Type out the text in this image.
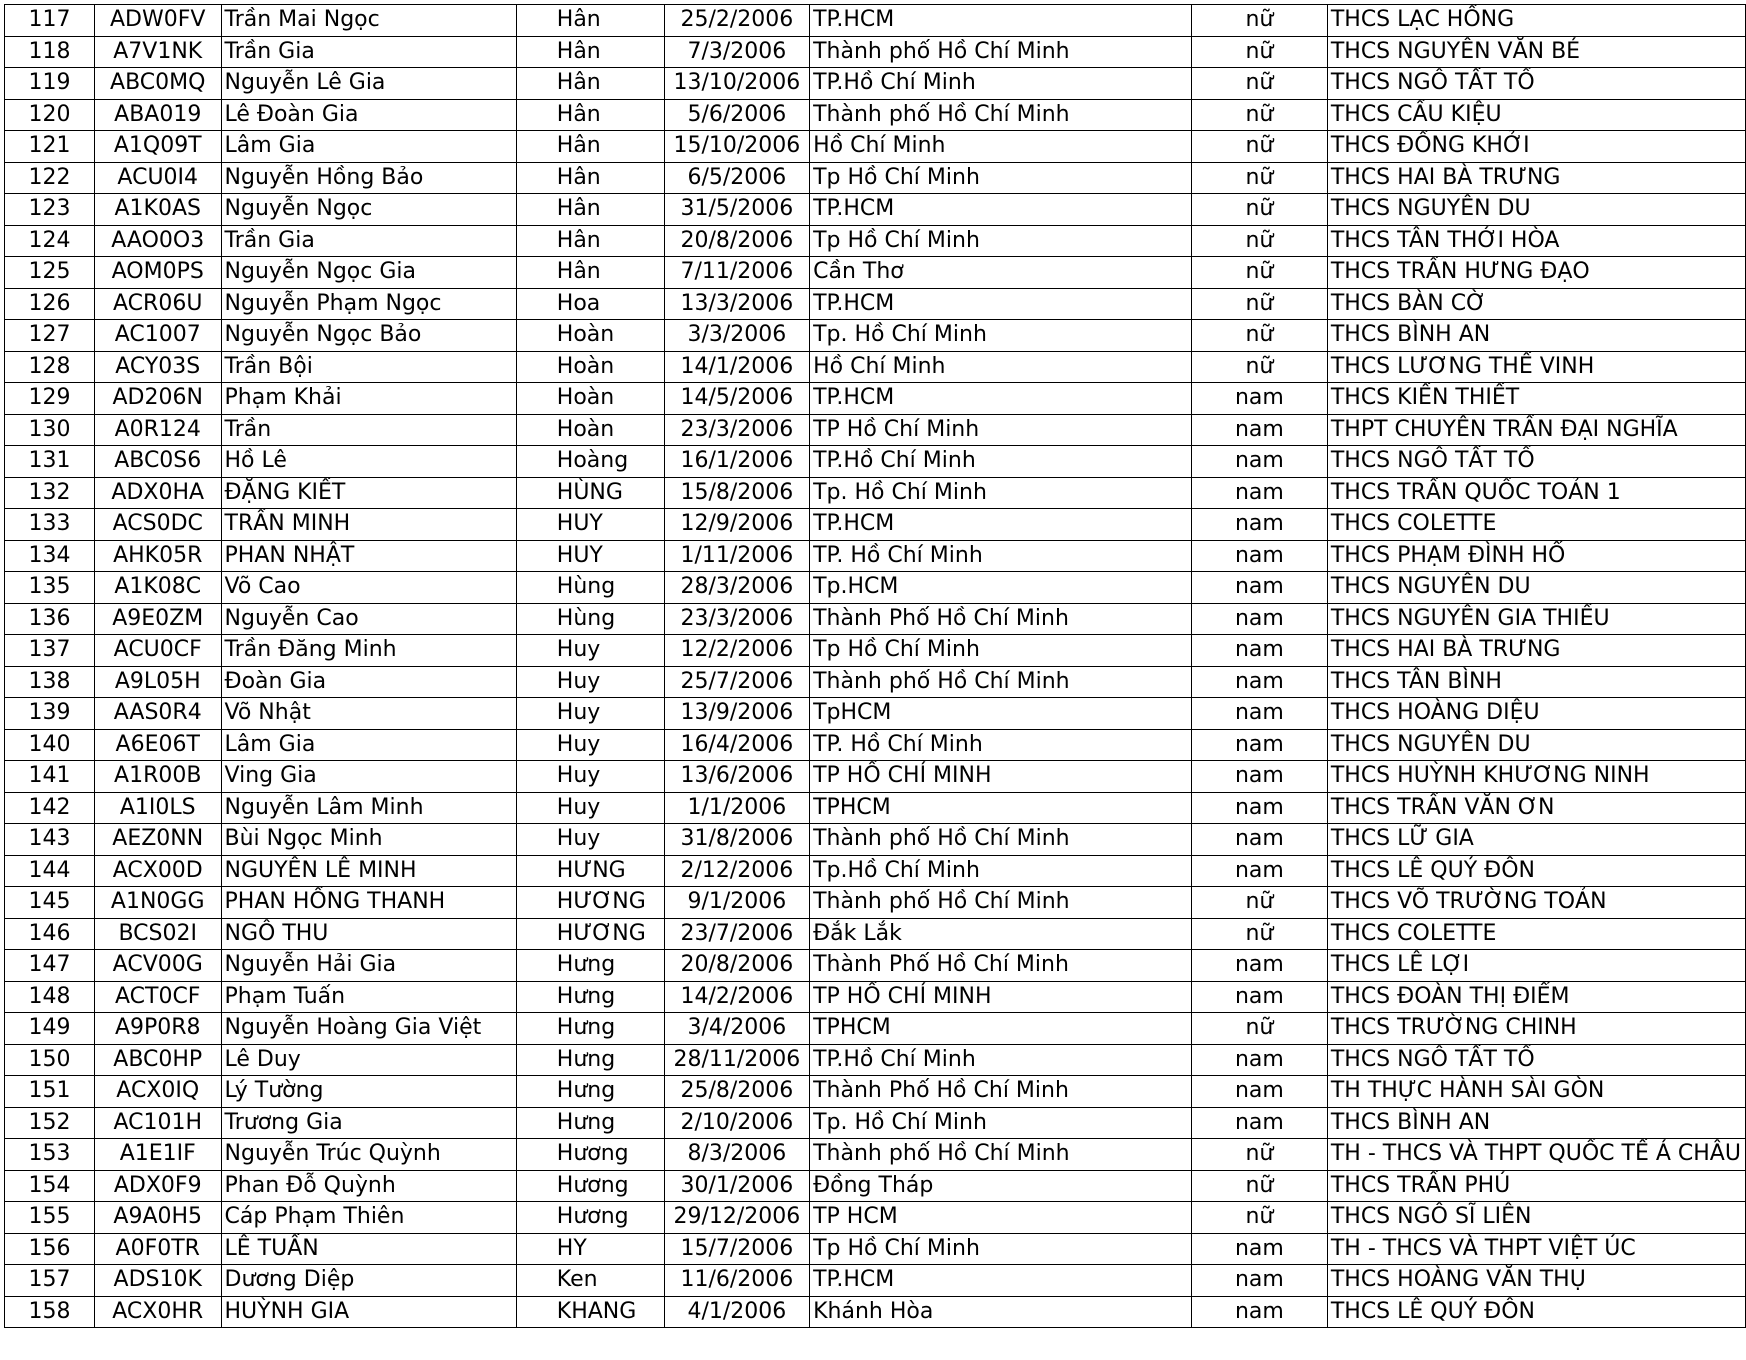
117	ADW0FV	Trần Mai Ngọc	Hân	25/2/2006	TP.HCM	nữ	THCS LẠC HỒNG
118	A7V1NK	Trần Gia	Hân	7/3/2006	Thành phố Hồ Chí Minh	nữ	THCS NGUYỄN VĂN BÉ
119	ABC0MQ	Nguyễn Lê Gia	Hân	13/10/2006	TP.Hồ Chí Minh	nữ	THCS NGÔ TẤT TỐ
120	ABA019	Lê Đoàn Gia	Hân	5/6/2006	Thành phố Hồ Chí Minh	nữ	THCS CẦU KIỆU
121	A1Q09T	Lâm Gia	Hân	15/10/2006	Hồ Chí Minh	nữ	THCS ĐỒNG KHỞI
122	ACU0I4	Nguyễn Hồng Bảo	Hân	6/5/2006	Tp Hồ Chí Minh	nữ	THCS HAI BÀ TRƯNG
123	A1K0AS	Nguyễn Ngọc	Hân	31/5/2006	TP.HCM	nữ	THCS NGUYỄN DU
124	AAO0O3	Trần Gia	Hân	20/8/2006	Tp Hồ Chí Minh	nữ	THCS TÂN THỚI HÒA
125	AOM0PS	Nguyễn Ngọc Gia	Hân	7/11/2006	Cần Thơ	nữ	THCS TRẦN HƯNG ĐẠO
126	ACR06U	Nguyễn Phạm Ngọc	Hoa	13/3/2006	TP.HCM	nữ	THCS BÀN CỜ
127	AC1007	Nguyễn Ngọc Bảo	Hoàn	3/3/2006	Tp. Hồ Chí Minh	nữ	THCS BÌNH AN
128	ACY03S	Trần Bội	Hoàn	14/1/2006	Hồ Chí Minh	nữ	THCS LƯƠNG THẾ VINH
129	AD206N	Phạm Khải	Hoàn	14/5/2006	TP.HCM	nam	THCS KIẾN THIẾT
130	A0R124	Trần	Hoàn	23/3/2006	TP Hồ Chí Minh	nam	THPT CHUYÊN TRẦN ĐẠI NGHĨA
131	ABC0S6	Hồ Lê	Hoàng	16/1/2006	TP.Hồ Chí Minh	nam	THCS NGÔ TẤT TỐ
132	ADX0HA	ĐẶNG KIẾT	HÙNG	15/8/2006	Tp. Hồ Chí Minh	nam	THCS TRẦN QUỐC TOẢN 1
133	ACS0DC	TRẦN MINH	HUY	12/9/2006	TP.HCM	nam	THCS COLETTE
134	AHK05R	PHAN NHẬT	HUY	1/11/2006	TP. Hồ Chí Minh	nam	THCS PHẠM ĐÌNH HỔ
135	A1K08C	Võ Cao	Hùng	28/3/2006	Tp.HCM	nam	THCS NGUYỄN DU
136	A9E0ZM	Nguyễn Cao	Hùng	23/3/2006	Thành Phố Hồ Chí Minh	nam	THCS NGUYỄN GIA THIỀU
137	ACU0CF	Trần Đăng Minh	Huy	12/2/2006	Tp Hồ Chí Minh	nam	THCS HAI BÀ TRƯNG
138	A9L05H	Đoàn Gia	Huy	25/7/2006	Thành phố Hồ Chí Minh	nam	THCS TÂN BÌNH
139	AAS0R4	Võ Nhật	Huy	13/9/2006	TpHCM	nam	THCS HOÀNG DIỆU
140	A6E06T	Lâm Gia	Huy	16/4/2006	TP. Hồ Chí Minh	nam	THCS NGUYỄN DU
141	A1R00B	Ving Gia	Huy	13/6/2006	TP HỒ CHÍ MINH	nam	THCS HUỲNH KHƯƠNG NINH
142	A1I0LS	Nguyễn Lâm Minh	Huy	1/1/2006	TPHCM	nam	THCS TRẦN VĂN ƠN
143	AEZ0NN	Bùi Ngọc Minh	Huy	31/8/2006	Thành phố Hồ Chí Minh	nam	THCS LỮ GIA
144	ACX00D	NGUYỄN LÊ MINH	HƯNG	2/12/2006	Tp.Hồ Chí Minh	nam	THCS LÊ QUÝ ĐÔN
145	A1N0GG	PHAN HỒNG THANH	HƯƠNG	9/1/2006	Thành phố Hồ Chí Minh	nữ	THCS VÕ TRƯỜNG TOẢN
146	BCS02I	NGÔ THU	HƯƠNG	23/7/2006	Đắk Lắk	nữ	THCS COLETTE
147	ACV00G	Nguyễn Hải Gia	Hưng	20/8/2006	Thành Phố Hồ Chí Minh	nam	THCS LÊ LỢI
148	ACT0CF	Phạm Tuấn	Hưng	14/2/2006	TP HỒ CHÍ MINH	nam	THCS ĐOÀN THỊ ĐIỂM
149	A9P0R8	Nguyễn Hoàng Gia Việt	Hưng	3/4/2006	TPHCM	nữ	THCS TRƯỜNG CHINH
150	ABC0HP	Lê Duy	Hưng	28/11/2006	TP.Hồ Chí Minh	nam	THCS NGÔ TẤT TỐ
151	ACX0IQ	Lý Tường	Hưng	25/8/2006	Thành Phố Hồ Chí Minh	nam	TH THỰC HÀNH SÀI GÒN
152	AC101H	Trương Gia	Hưng	2/10/2006	Tp. Hồ Chí Minh	nam	THCS BÌNH AN
153	A1E1IF	Nguyễn Trúc Quỳnh	Hương	8/3/2006	Thành phố Hồ Chí Minh	nữ	TH - THCS VÀ THPT QUỐC TẾ Á CHÂU
154	ADX0F9	Phan Đỗ Quỳnh	Hương	30/1/2006	Đồng Tháp	nữ	THCS TRẦN PHÚ
155	A9A0H5	Cáp Phạm Thiên	Hương	29/12/2006	TP HCM	nữ	THCS NGÔ SĨ LIÊN
156	A0F0TR	LÊ TUẤN	HY	15/7/2006	Tp Hồ Chí Minh	nam	TH - THCS VÀ THPT VIỆT ÚC
157	ADS10K	Dương Diệp	Ken	11/6/2006	TP.HCM	nam	THCS HOÀNG VĂN THỤ
158	ACX0HR	HUỲNH GIA	KHANG	4/1/2006	Khánh Hòa	nam	THCS LÊ QUÝ ĐÔN
